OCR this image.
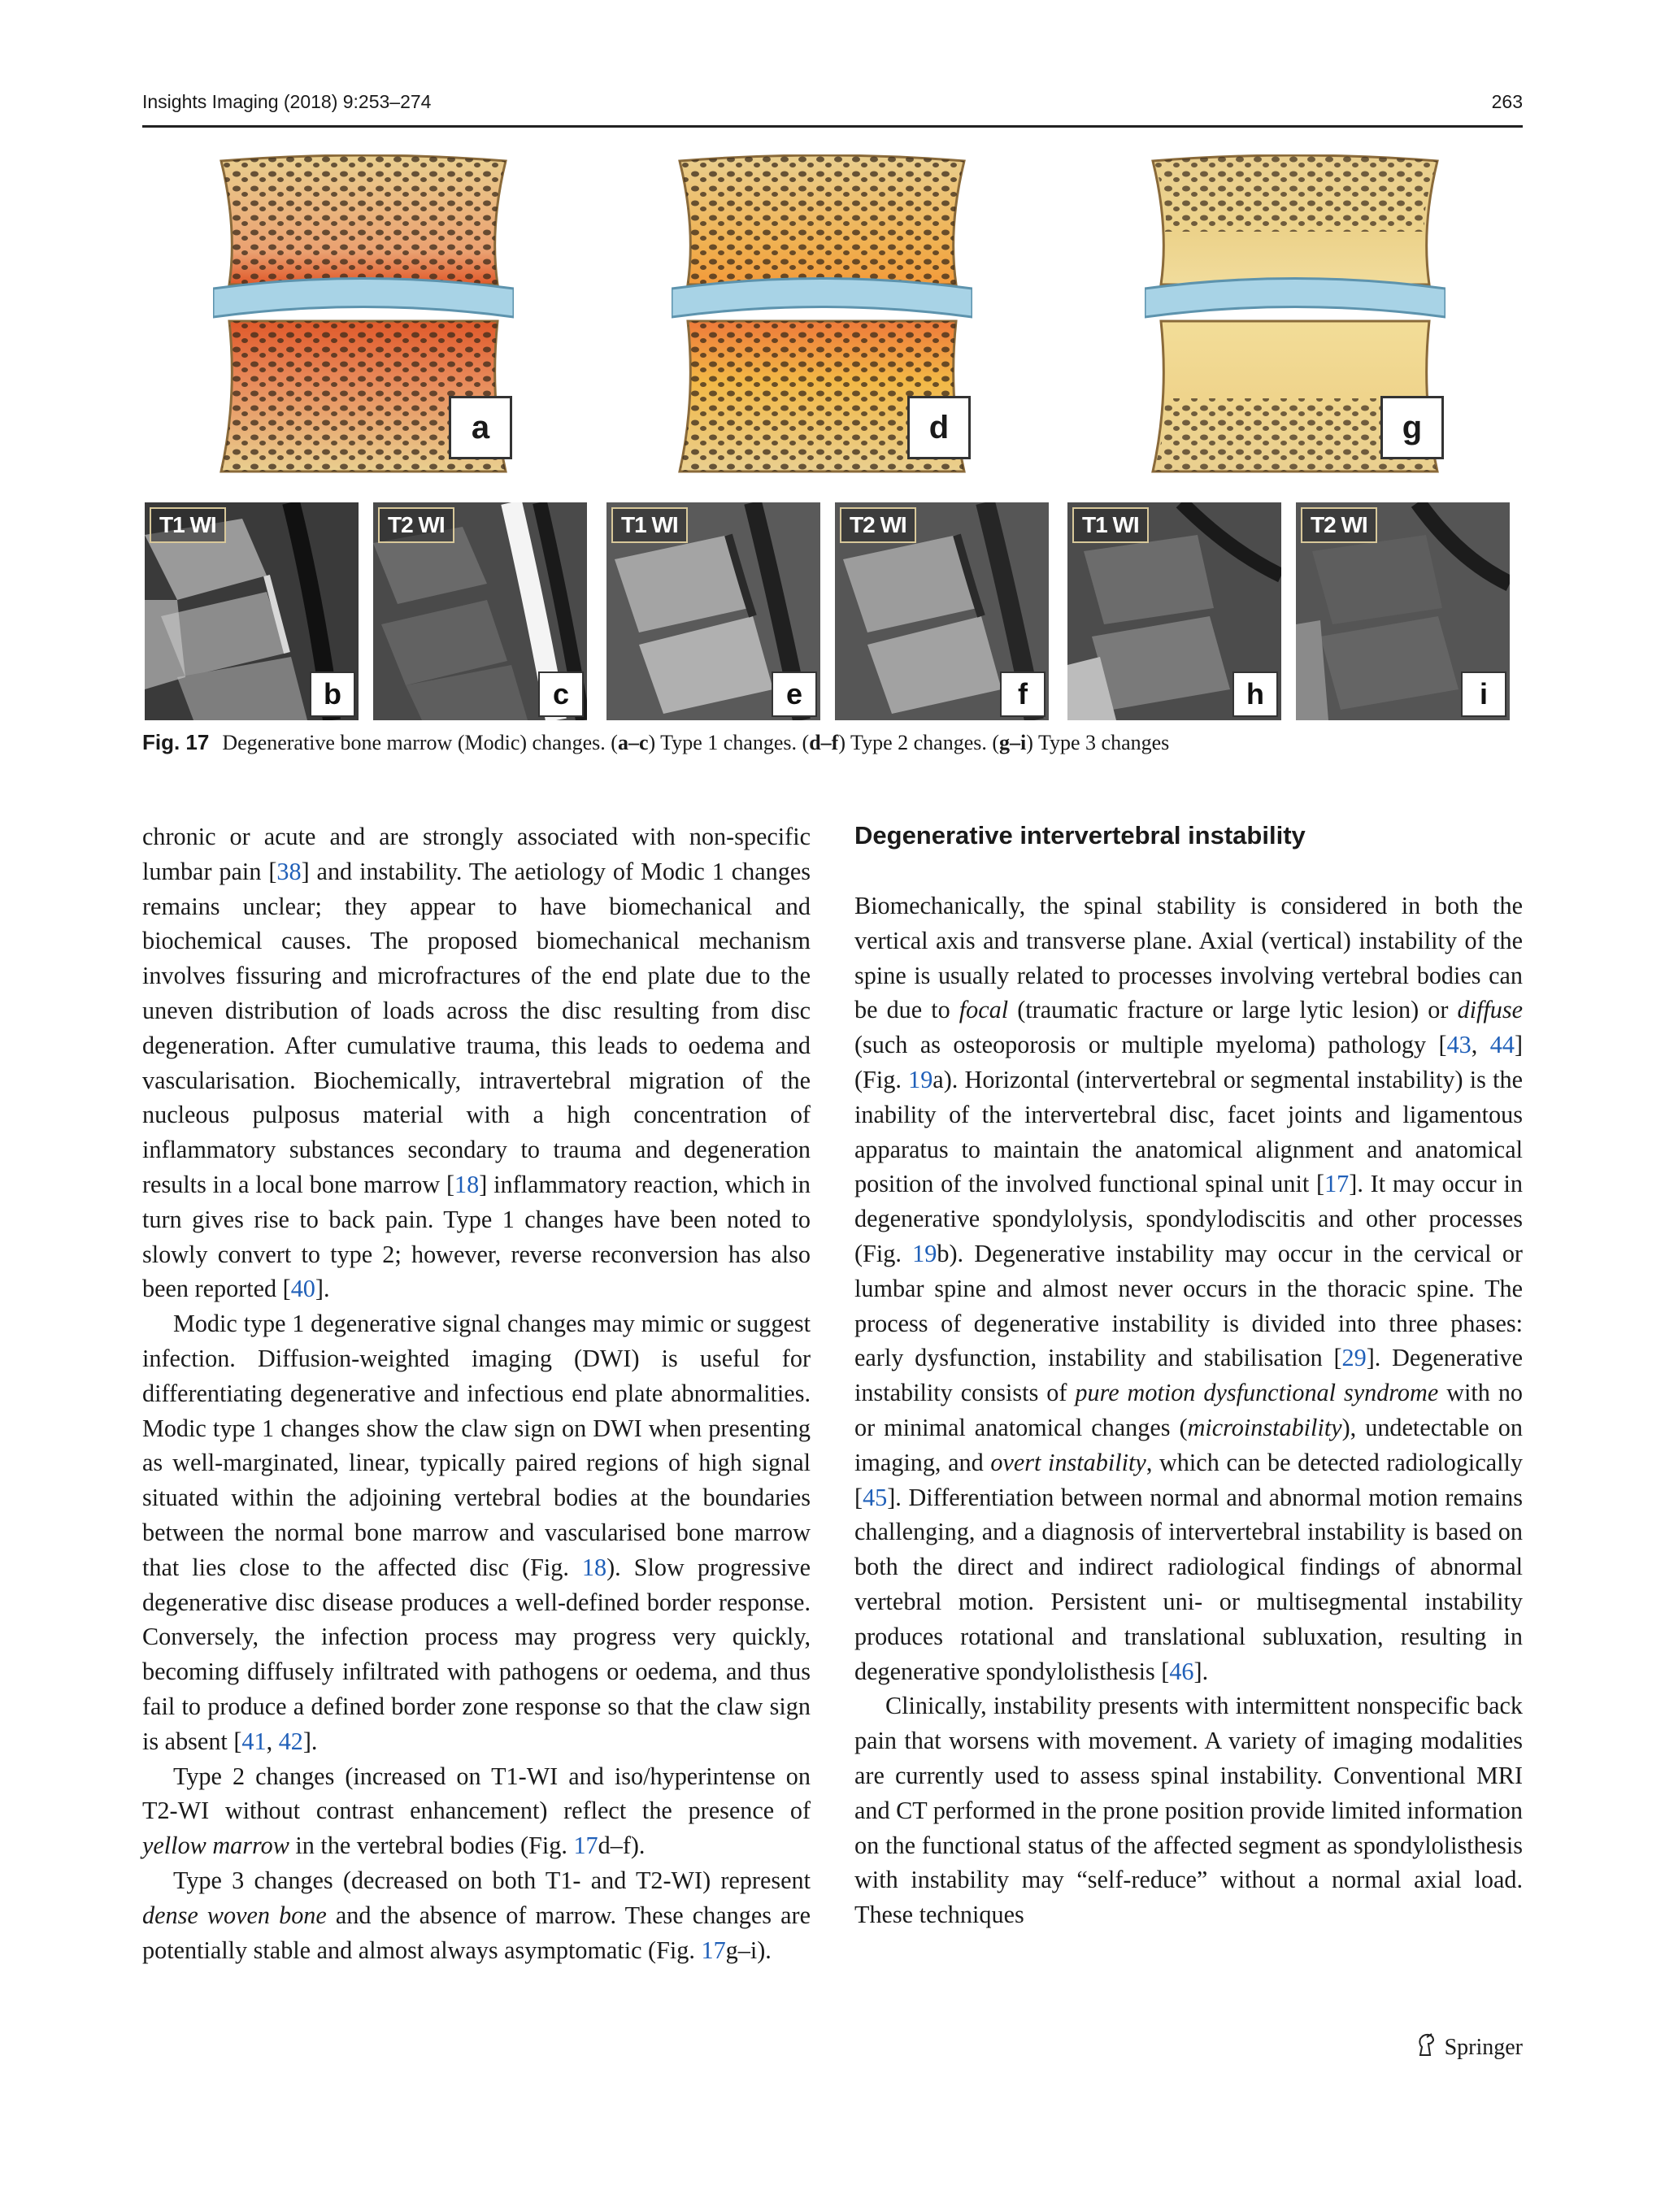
Insights Imaging (2018) 9:253–274	263
a	d	g
T1 WI
b
T2 WI
c
T1 WI
e
T2 WI
f
T1 WI
h
T2 WI
i
Fig. 17 Degenerative bone marrow (Modic) changes. (a–c) Type 1 changes. (d–f) Type 2 changes. (g–i) Type 3 changes

chronic or acute and are strongly associated with non-specific lumbar pain [38] and instability. The aetiology of Modic 1 changes remains unclear; they appear to have biomechanical and biochemical causes. The proposed biomechanical mechanism involves fissuring and microfractures of the end plate due to the uneven distribution of loads across the disc resulting from disc degeneration. After cumulative trauma, this leads to oedema and vascularisation. Biochemically, intravertebral migration of the nucleous pulposus material with a high concentration of inflammatory substances secondary to trauma and degeneration results in a local bone marrow [18] inflammatory reaction, which in turn gives rise to back pain. Type 1 changes have been noted to slowly convert to type 2; however, reverse reconversion has also been reported [40].

Modic type 1 degenerative signal changes may mimic or suggest infection. Diffusion-weighted imaging (DWI) is useful for differentiating degenerative and infectious end plate abnormalities. Modic type 1 changes show the claw sign on DWI when presenting as well-marginated, linear, typically paired regions of high signal situated within the adjoining vertebral bodies at the boundaries between the normal bone marrow and vascularised bone marrow that lies close to the affected disc (Fig. 18). Slow progressive degenerative disc disease produces a well-defined border response. Conversely, the infection process may progress very quickly, becoming diffusely infiltrated with pathogens or oedema, and thus fail to produce a defined border zone response so that the claw sign is absent [41, 42].

Type 2 changes (increased on T1-WI and iso/hyperintense on T2-WI without contrast enhancement) reflect the presence of yellow marrow in the vertebral bodies (Fig. 17d–f).

Type 3 changes (decreased on both T1- and T2-WI) represent dense woven bone and the absence of marrow. These changes are potentially stable and almost always asymptomatic (Fig. 17g–i).

Degenerative intervertebral instability

Biomechanically, the spinal stability is considered in both the vertical axis and transverse plane. Axial (vertical) instability of the spine is usually related to processes involving vertebral bodies can be due to focal (traumatic fracture or large lytic lesion) or diffuse (such as osteoporosis or multiple myeloma) pathology [43, 44] (Fig. 19a). Horizontal (intervertebral or segmental instability) is the inability of the intervertebral disc, facet joints and ligamentous apparatus to maintain the anatomical alignment and anatomical position of the involved functional spinal unit [17]. It may occur in degenerative spondylolysis, spondylodiscitis and other processes (Fig. 19b). Degenerative instability may occur in the cervical or lumbar spine and almost never occurs in the thoracic spine. The process of degenerative instability is divided into three phases: early dysfunction, instability and stabilisation [29]. Degenerative instability consists of pure motion dysfunctional syndrome with no or minimal anatomical changes (microinstability), undetectable on imaging, and overt instability, which can be detected radiologically [45]. Differentiation between normal and abnormal motion remains challenging, and a diagnosis of intervertebral instability is based on both the direct and indirect radiological findings of abnormal vertebral motion. Persistent uni- or multisegmental instability produces rotational and translational subluxation, resulting in degenerative spondylolisthesis [46].

Clinically, instability presents with intermittent nonspecific back pain that worsens with movement. A variety of imaging modalities are currently used to assess spinal instability. Conventional MRI and CT performed in the prone position provide limited information on the functional status of the affected segment as spondylolisthesis with instability may “self-reduce” without a normal axial load. These techniques

Springer
